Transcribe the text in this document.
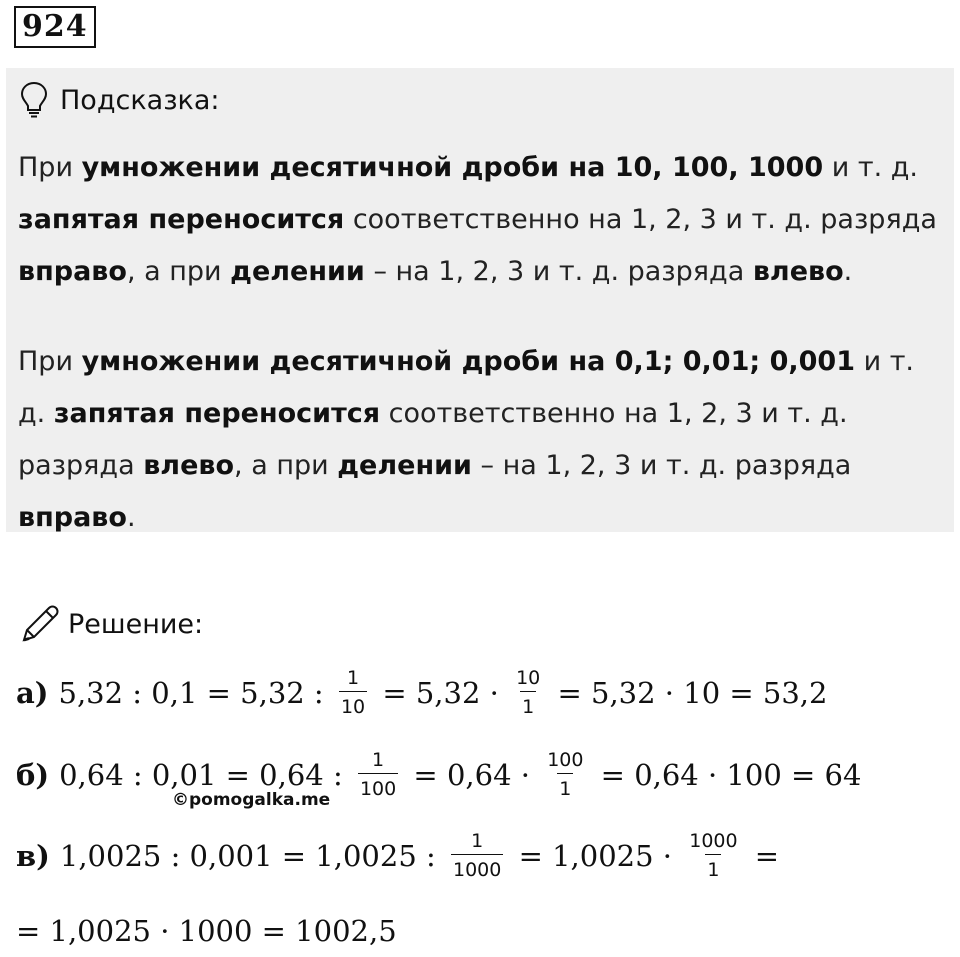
924
Подсказка:
При умножении десятичной дроби на 10, 100, 1000 и т. д. запятая переносится соответственно на 1, 2, 3 и т. д. разряда вправо, а при делении – на 1, 2, 3 и т. д. разряда влево.
При умножении десятичной дроби на 0,1; 0,01; 0,001 и т. д. запятая переносится соответственно на 1, 2, 3 и т. д. разряда влево, а при делении – на 1, 2, 3 и т. д. разряда вправо.
Решение:
а) 5,32 : 0,1 = 5,32 : $\frac{1}{10} = 5,32 \cdot \frac{10}{1} = 5,32 \cdot 10 = 53,2$
б) 0,64 : 0,01 = 0,64 : $\frac{1}{100} = 0,64 \cdot \frac{100}{1} = 0,64 \cdot 100 = 64$
©pomogalka.me
в) 1,0025 : 0,001 = 1,0025 : $\frac{1}{1000} = 1,0025 \cdot \frac{1000}{1}$ =
= 1,0025 · 1000 = 1002,5
